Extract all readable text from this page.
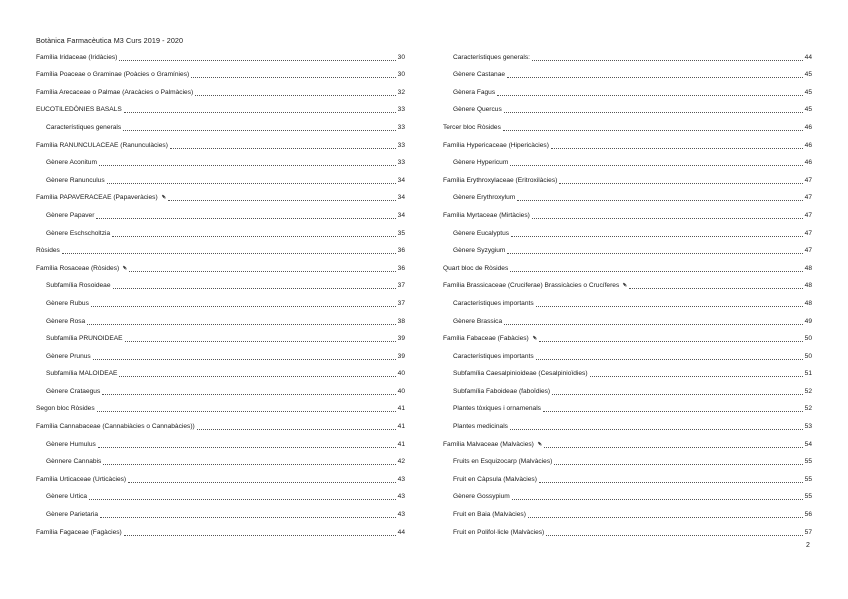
Botànica Farmacèutica M3 Curs 2019 - 2020
Família Iridaceae (Iridàcies)	30
Família Poaceae o Graminae (Poàcies o Gramínies)	30
Família Arecaceae o Palmae (Aracàcies o Palmàcies)	32
EUCOTILEDÒNIES BASALS	33
Característiques generals	33
Família RANUNCULACEAE (Ranunculàcies)	33
Gènere Aconitum	33
Gènere Ranunculus	34
Família PAPAVERACEAE (Papaveràcies) ✒	34
Gènere Papaver	34
Gènere Eschscholtzia	35
Ròsides	36
Família Rosaceae (Ròsides) ✒	36
Subfamília Rosoideae	37
Gènere Rubus	37
Gènere Rosa	38
Subfamília PRUNOIDEAE	39
Gènere Prunus	39
Subfamília MALOIDEAE	40
Gènere Crataegus	40
Segon bloc Ròsides	41
Família Cannabaceae (Cannabiàcies o Cannabàcies))	41
Gènere Humulus	41
Gènnere Cannabis	42
Família Urticaceae (Urticàcies)	43
Gènere Urtica	43
Gènere Parietaria	43
Família Fagaceae (Fagàcies)	44
Característiques generals:	44
Gènere Castanae	45
Gènera Fagus	45
Gènere Quercus	45
Tercer bloc Ròsides	46
Família Hypericaceae (Hipericàcies)	46
Gènere Hypericum	46
Família Erythroxylaceae (Eritroxilàcies)	47
Gènere Erythroxylum	47
Família Myrtaceae (Mirtàcies)	47
Gènere Eucalyptus	47
Gènere Syzygium	47
Quart bloc de Ròsides	48
Família Brassicaceae (Cruciferae) Brassicàcies o Crucíferes ✒	48
Característiques importants	48
Gènere Brassica	49
Família Fabaceae (Fabàcies) ✒	50
Característiques importants	50
Subfamília Caesalpinioideae (Cesalpinioïdies)	51
Subfamília Faboideae (faboïdies)	52
Plantes tòxiques i ornamenals	52
Plantes medicinals	53
Família Malvaceae (Malvàcies) ✒	54
Fruits en Esquizocarp (Malvàcies)	55
Fruit en Càpsula (Malvàcies)	55
Gènere Gossypium	55
Fruit en Baia (Malvàcies)	56
Fruit en Polifol·licle (Malvàcies)	57
2
